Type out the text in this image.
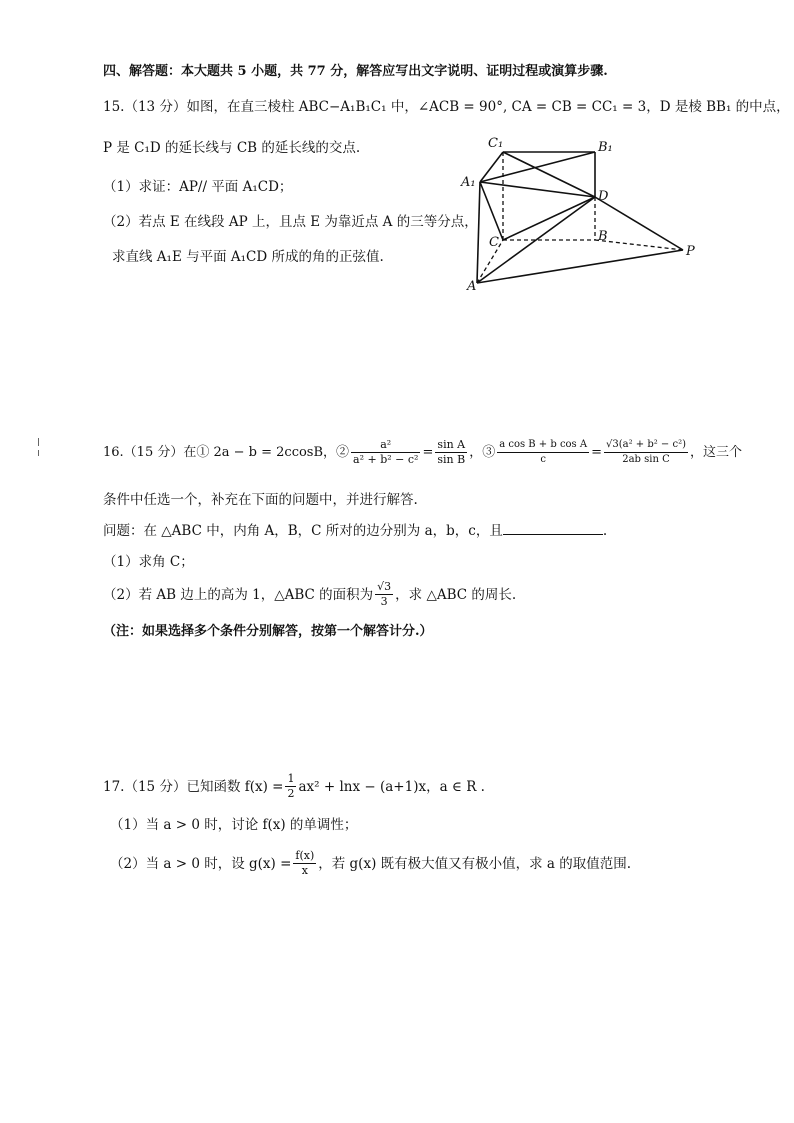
四、解答题：本大题共 5 小题，共 77 分，解答应写出文字说明、证明过程或演算步骤.
15.（13 分）如图，在直三棱柱 ABC−A₁B₁C₁ 中，∠ACB = 90°, CA = CB = CC₁ = 3，D 是棱 BB₁ 的中点，
P 是 C₁D 的延长线与 CB 的延长线的交点.
（1）求证：AP// 平面 A₁CD；
（2）若点 E 在线段 AP 上，且点 E 为靠近点 A 的三等分点，
求直线 A₁E 与平面 A₁CD 所成的角的正弦值.
C₁	B₁
A₁
D
C	B
P
A
16.（15 分）在① 2a − b = 2ccosB，② $\frac{\text{a²}}{\text{a² + b² − c²}} = \frac{\text{sin A}}{\text{sin B}}$ ，③ $\frac{\text{a cos B + b cos A}}{c} = \frac{\text{√3(a² + b² − c²)}}{\text{2ab sin C}}$ ，这三个
条件中任选一个，补充在下面的问题中，并进行解答.
问题：在 △ABC 中，内角 A，B，C 所对的边分别为 a，b，c，且	.
（1）求角 C；
（2）若 AB 边上的高为 1，△ABC 的面积为 $\frac{√3}{3}$ ，求 △ABC 的周长.
（注：如果选择多个条件分别解答，按第一个解答计分.）
17.（15 分）已知函数 $f(x) = \frac{1}{2} ax^2 + \ln x - (a+1)x$，a ∈ R .
（1）当 a > 0 时，讨论 f(x) 的单调性；
（2）当 a > 0 时，设 $g(x) = \frac{f(x)}{x}$ ，若 g(x) 既有极大值又有极小值，求 a 的取值范围.
